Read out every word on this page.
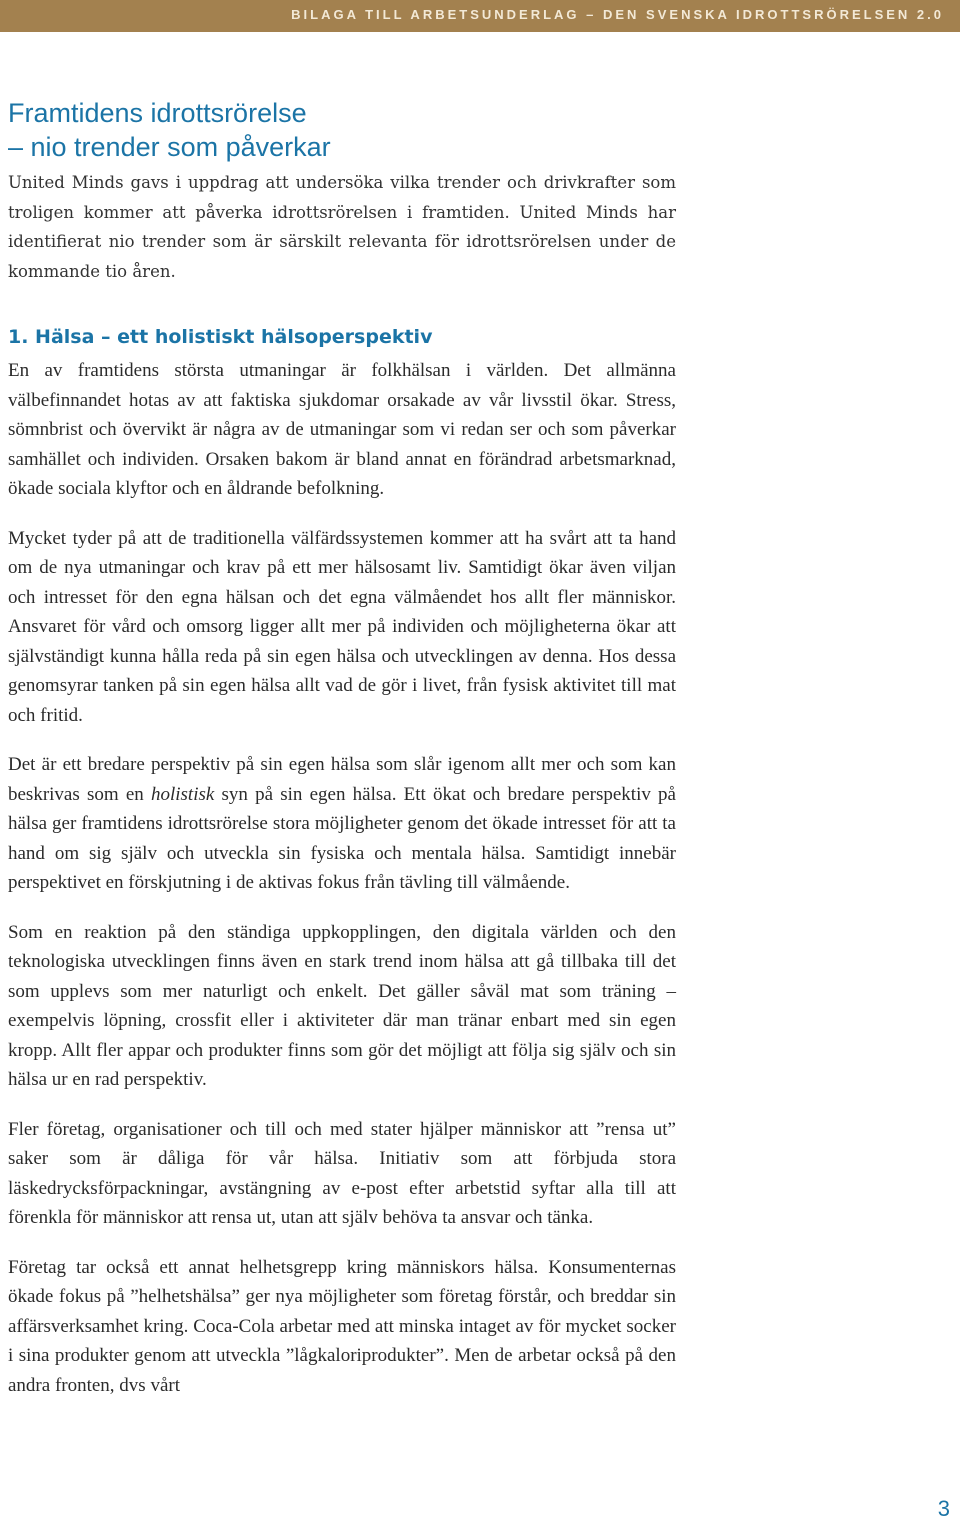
BILAGA TILL ARBETSUNDERLAG – DEN SVENSKA IDROTTSRÖRELSEN 2.0
Framtidens idrottsrörelse
– nio trender som påverkar

United Minds gavs i uppdrag att undersöka vilka trender och drivkrafter som troligen kommer att påverka idrottsrörelsen i framtiden. United Minds har identifierat nio trender som är särskilt relevanta för idrottsrörelsen under de kommande tio åren.

1. Hälsa – ett holistiskt hälsoperspektiv

En av framtidens största utmaningar är folkhälsan i världen. Det allmänna välbefinnandet hotas av att faktiska sjukdomar orsakade av vår livsstil ökar. Stress, sömnbrist och övervikt är några av de utmaningar som vi redan ser och som påverkar samhället och individen. Orsaken bakom är bland annat en förändrad arbetsmarknad, ökade sociala klyftor och en åldrande befolkning.

Mycket tyder på att de traditionella välfärdssystemen kommer att ha svårt att ta hand om de nya utmaningar och krav på ett mer hälsosamt liv. Samtidigt ökar även viljan och intresset för den egna hälsan och det egna välmåendet hos allt fler människor. Ansvaret för vård och omsorg ligger allt mer på individen och möjligheterna ökar att självständigt kunna hålla reda på sin egen hälsa och utvecklingen av denna. Hos dessa genomsyrar tanken på sin egen hälsa allt vad de gör i livet, från fysisk aktivitet till mat och fritid.

Det är ett bredare perspektiv på sin egen hälsa som slår igenom allt mer och som kan beskrivas som en holistisk syn på sin egen hälsa. Ett ökat och bredare perspektiv på hälsa ger framtidens idrottsrörelse stora möjligheter genom det ökade intresset för att ta hand om sig själv och utveckla sin fysiska och mentala hälsa. Samtidigt innebär perspektivet en förskjutning i de aktivas fokus från tävling till välmående.

Som en reaktion på den ständiga uppkopplingen, den digitala världen och den teknologiska utvecklingen finns även en stark trend inom hälsa att gå tillbaka till det som upplevs som mer naturligt och enkelt. Det gäller såväl mat som träning – exempelvis löpning, crossfit eller i aktiviteter där man tränar enbart med sin egen kropp. Allt fler appar och produkter finns som gör det möjligt att följa sig själv och sin hälsa ur en rad perspektiv.

Fler företag, organisationer och till och med stater hjälper människor att ”rensa ut” saker som är dåliga för vår hälsa. Initiativ som att förbjuda stora läskedrycksförpackningar, avstängning av e-post efter arbetstid syftar alla till att förenkla för människor att rensa ut, utan att själv behöva ta ansvar och tänka.

Företag tar också ett annat helhetsgrepp kring människors hälsa. Konsumenternas ökade fokus på ”helhetshälsa” ger nya möjligheter som företag förstår, och breddar sin affärsverksamhet kring. Coca-Cola arbetar med att minska intaget av för mycket socker i sina produkter genom att utveckla ”lågkaloriprodukter”. Men de arbetar också på den andra fronten, dvs vårt

3
